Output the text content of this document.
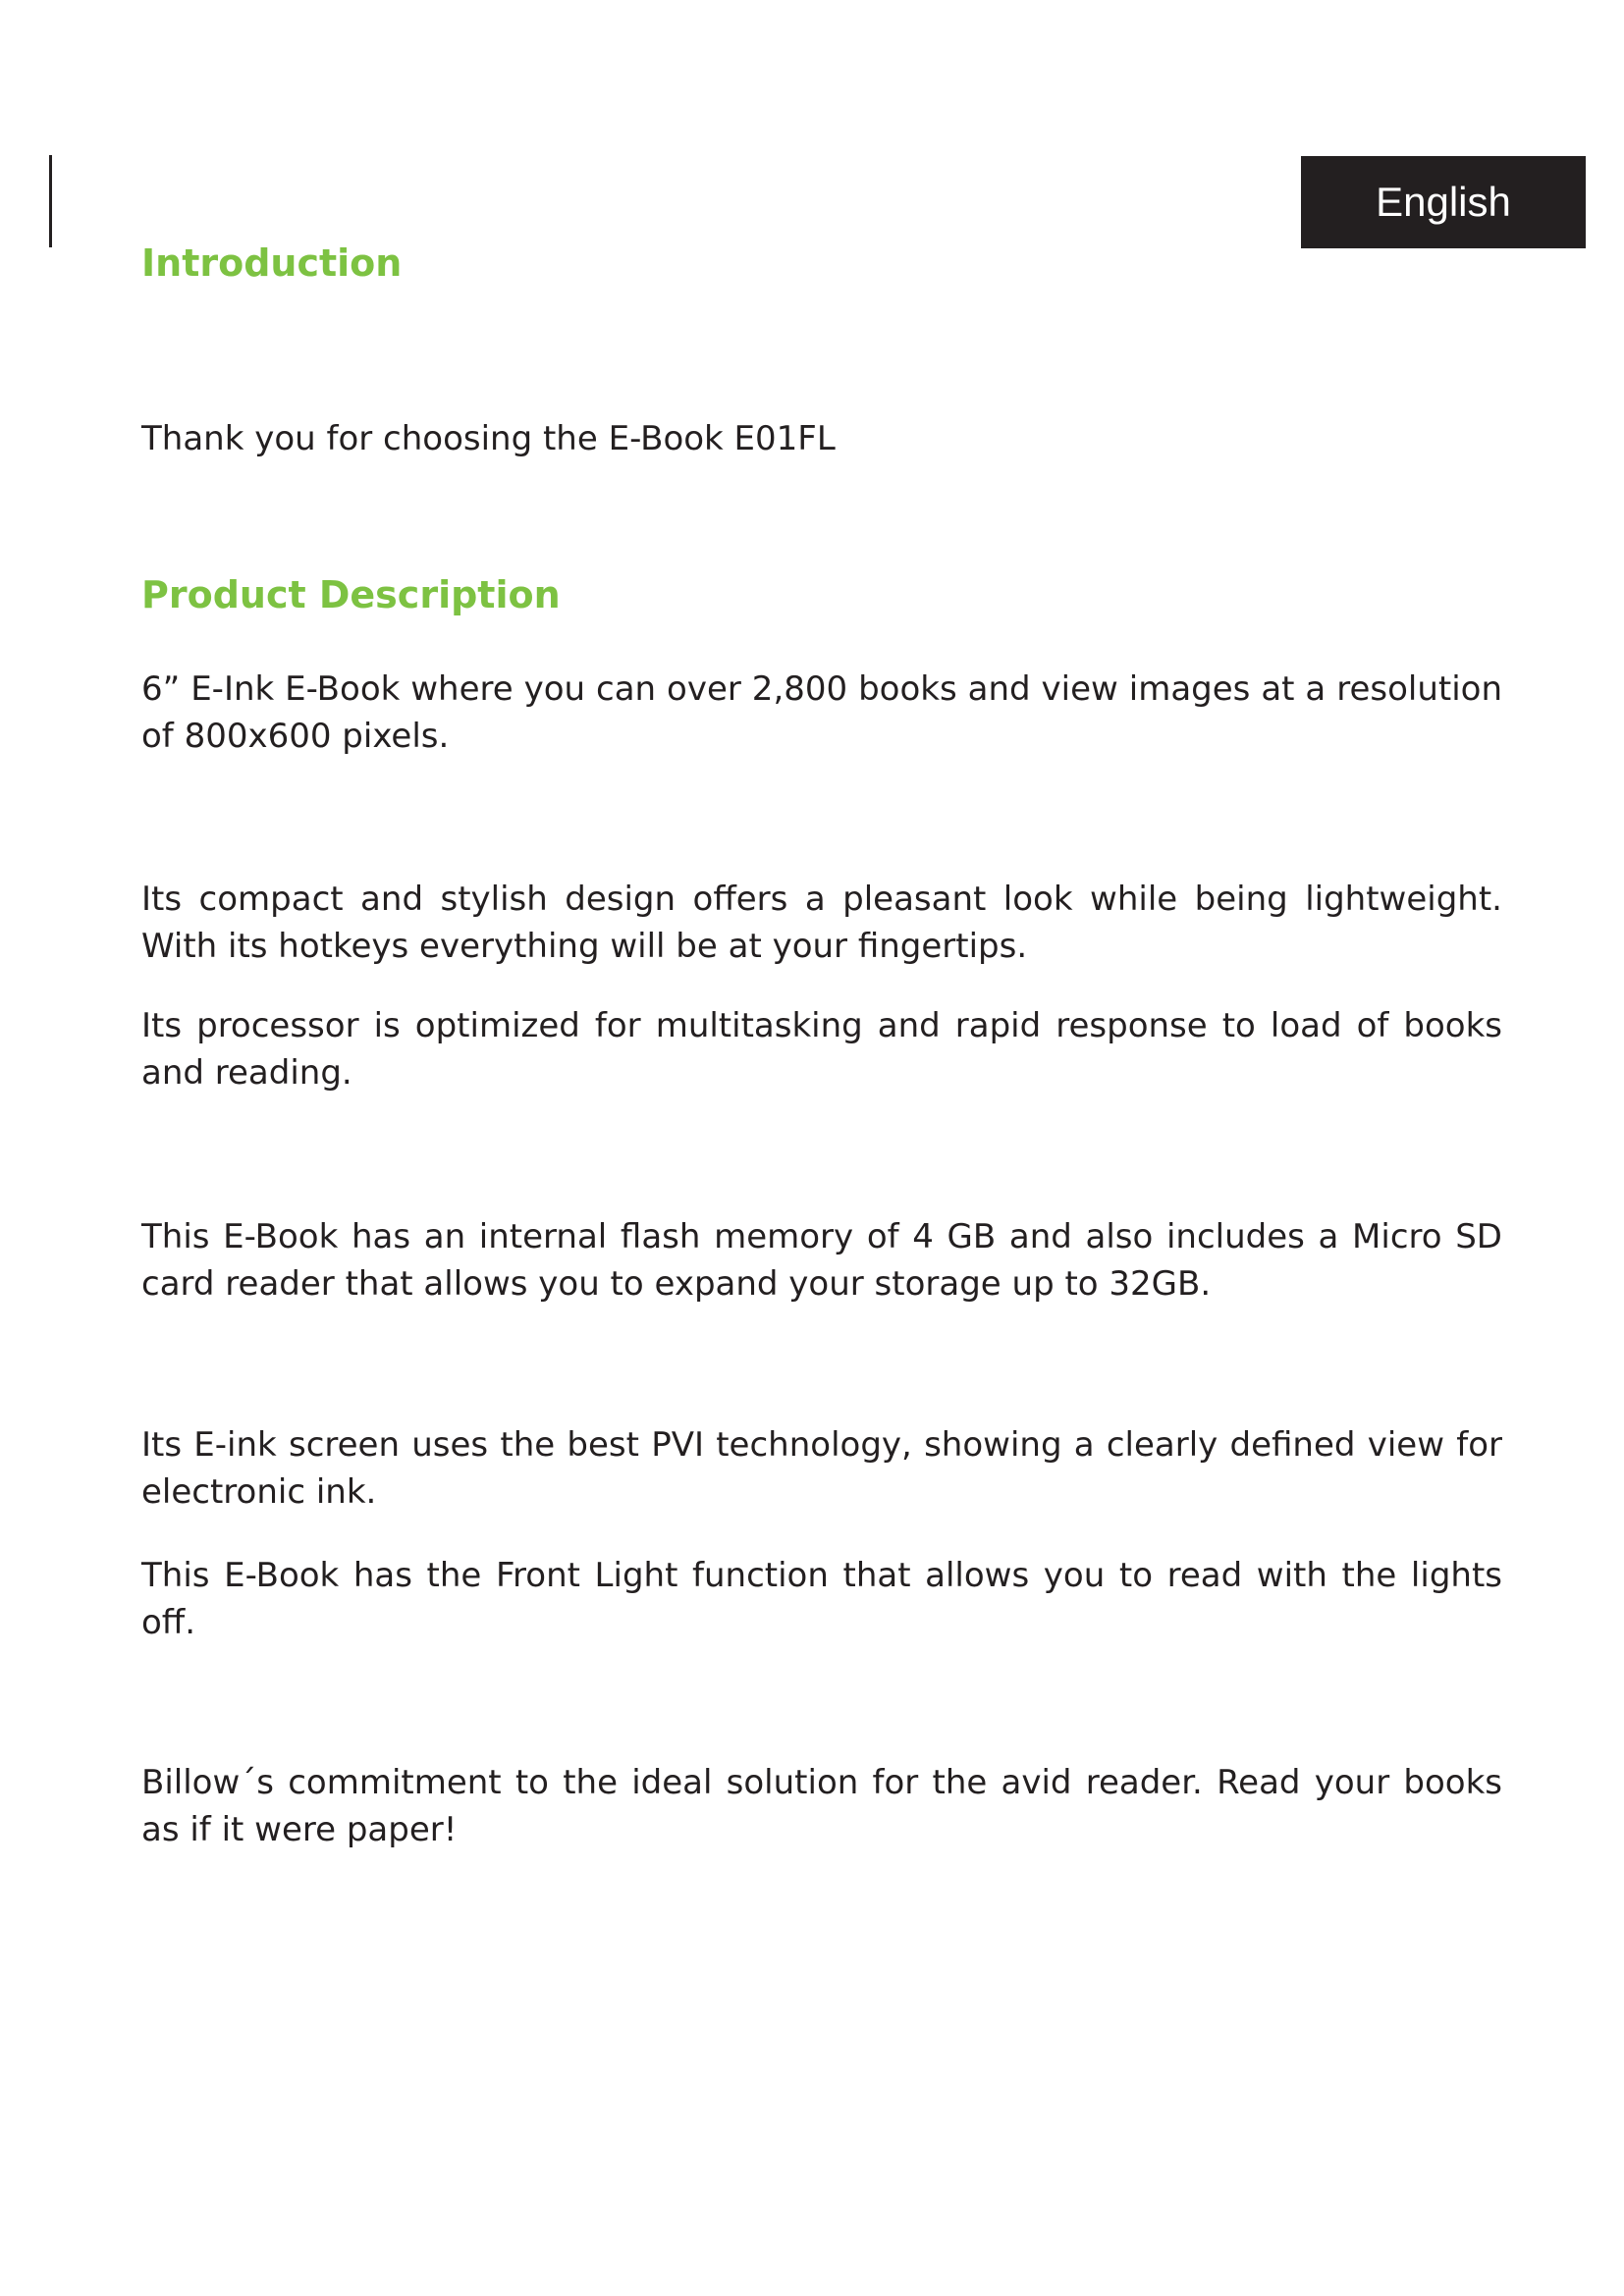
English
Introduction

Thank you for choosing the E-Book E01FL

Product Description

6” E-Ink E-Book where you can over 2,800 books and view images at a resolution of 800x600 pixels.

Its compact and stylish design offers a pleasant look while being lightweight. With its hotkeys everything will be at your fingertips.

Its processor is optimized for multitasking and rapid response to load of books and reading.

This E-Book has an internal flash memory of 4 GB and also includes a Micro SD card reader that allows you to expand your storage up to 32GB.

Its E-ink screen uses the best PVI technology, showing a clearly defined view for electronic ink.

This E-Book has the Front Light function that allows you to read with the lights off.

Billow´s commitment to the ideal solution for the avid reader. Read your books as if it were paper!
